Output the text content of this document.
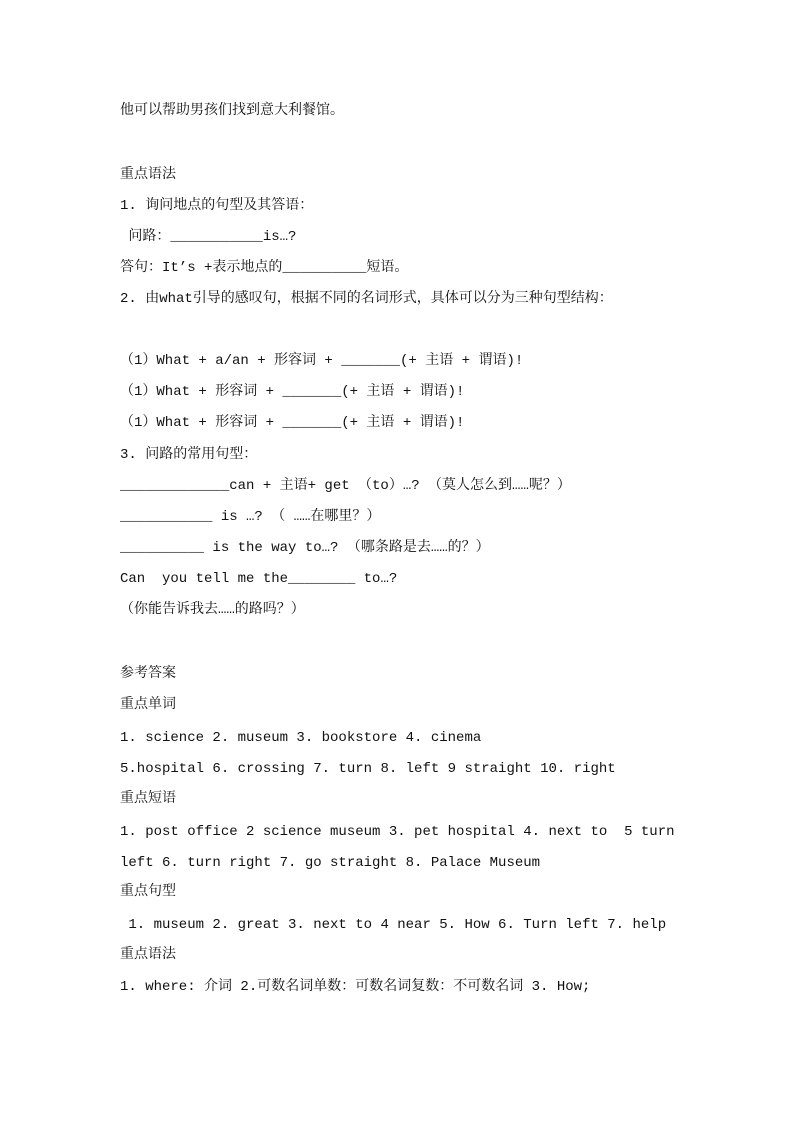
他可以帮助男孩们找到意大利餐馆。
重点语法
1. 询问地点的句型及其答语：
问路：___________is…?
答句：It’s +表示地点的__________短语。
2. 由what引导的感叹句，根据不同的名词形式，具体可以分为三种句型结构：
（1）What + a/an + 形容词 + _______(+ 主语 + 谓语)!
（1）What + 形容词 + _______(+ 主语 + 谓语)!
（1）What + 形容词 + _______(+ 主语 + 谓语)!
3. 问路的常用句型：
_____________can + 主语+ get （to）…? （莫人怎么到……呢？）
___________ is …? （ ……在哪里？）
__________ is the way to…? （哪条路是去……的？）
Can  you tell me the________ to…?
（你能告诉我去……的路吗？）
参考答案
重点单词
1. science 2. museum 3. bookstore 4. cinema
5.hospital 6. crossing 7. turn 8. left 9 straight 10. right
重点短语
1. post office 2 science museum 3. pet hospital 4. next to  5 turn
left 6. turn right 7. go straight 8. Palace Museum
重点句型
1. museum 2. great 3. next to 4 near 5. How 6. Turn left 7. help
重点语法
1. where: 介词 2.可数名词单数：可数名词复数：不可数名词 3. How;
